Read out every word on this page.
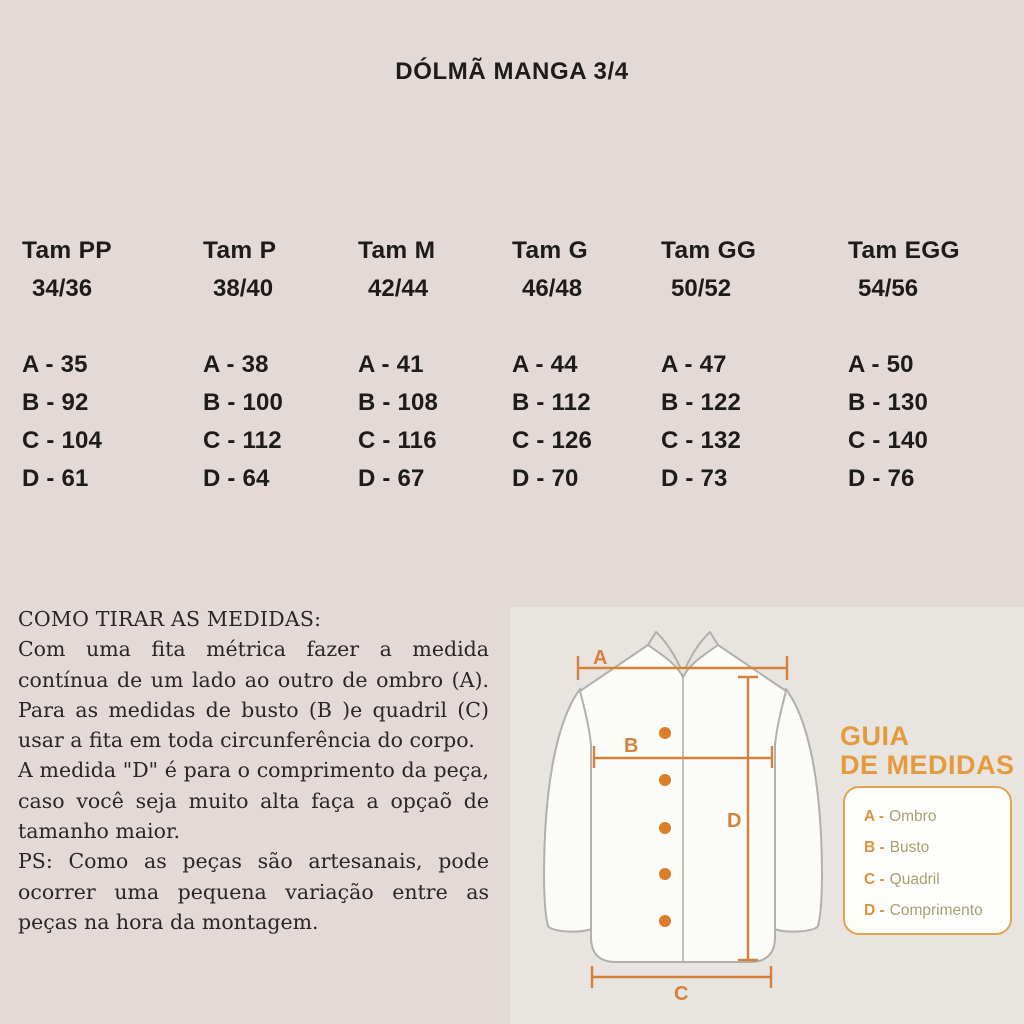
DÓLMÃ MANGA 3/4
Tam PP
34/36
A - 35
B - 92
C - 104
D - 61
Tam P
38/40
A - 38
B - 100
C - 112
D - 64
Tam M
42/44
A - 41
B - 108
C - 116
D - 67
Tam G
46/48
A - 44
B - 112
C - 126
D - 70
Tam GG
50/52
A - 47
B - 122
C - 132
D - 73
Tam EGG
54/56
A - 50
B - 130
C - 140
D - 76
COMO TIRAR AS MEDIDAS:

Com uma fita métrica fazer a medida contínua de um lado ao outro de ombro (A). Para as medidas de busto (B )e quadril (C) usar a fita em toda circunferência do corpo.

A medida "D" é para o comprimento da peça, caso você seja muito alta faça a opçaõ de tamanho maior.

PS: Como as peças são artesanais, pode ocorrer uma pequena variação entre as peças na hora da montagem.

A
B
C
D
GUIA
DE MEDIDAS
A - Ombro
B - Busto
C - Quadril
D - Comprimento
